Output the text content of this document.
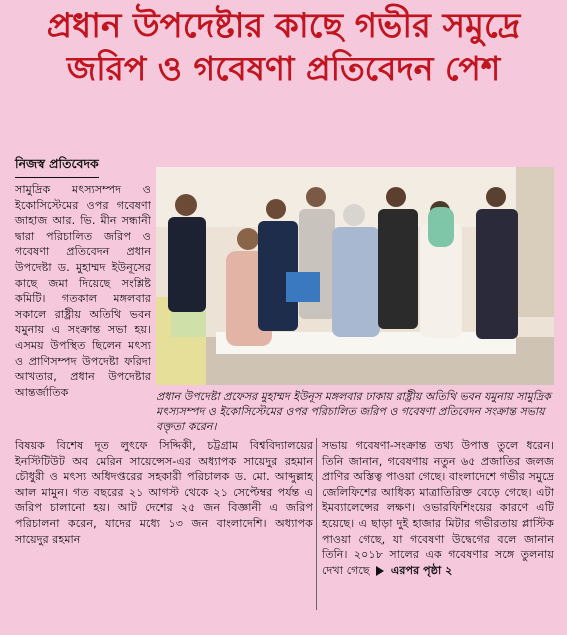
প্রধান উপদেষ্টার কাছে গভীর সমুদ্রে
জরিপ ও গবেষণা প্রতিবেদন পেশ
নিজস্ব প্রতিবেদক
সামুদ্রিক মৎস্যসম্পদ ও ইকোসিস্টেমের ওপর গবেষণা জাহাজ আর. ভি. মীন সন্ধানী দ্বারা পরিচালিত জরিপ ও গবেষণা প্রতিবেদন প্রধান উপদেষ্টা ড. মুহাম্মদ ইউনূসের কাছে জমা দিয়েছে সংশ্লিষ্ট কমিটি। গতকাল মঙ্গলবার সকালে রাষ্ট্রীয় অতিথি ভবন যমুনায় এ সংক্রান্ত সভা হয়। এসময় উপস্থিত ছিলেন মৎস্য ও প্রাণিসম্পদ উপদেষ্টা ফরিদা আখতার, প্রধান উপদেষ্টার আন্তর্জাতিক	প্রধান উপদেষ্টা প্রফেসর মুহাম্মদ ইউনূস মঙ্গলবার ঢাকায় রাষ্ট্রীয় অতিথি ভবন যমুনায় সামুদ্রিক মৎস্যসম্পদ ও ইকোসিস্টেমের ওপর পরিচালিত জরিপ ও গবেষণা প্রতিবেদন সংক্রান্ত সভায় বক্তৃতা করেন।
বিষয়ক বিশেষ দূত লুৎফে সিদ্দিকী, চট্টগ্রাম বিশ্ববিদ্যালয়ের ইনস্টিটিউট অব মেরিন সায়েন্সেস-এর অধ্যাপক সায়েদুর রহমান চৌধুরী ও মৎস্য অধিদপ্তরের সহকারী পরিচালক ড. মো. আব্দুল্লাহ আল মামুন। গত বছরের ২১ আগস্ট থেকে ২১ সেপ্টেম্বর পর্যন্ত এ জরিপ চালানো হয়। আট দেশের ২৫ জন বিজ্ঞানী এ জরিপ পরিচালনা করেন, যাদের মধ্যে ১৩ জন বাংলাদেশি। অধ্যাপক সায়েদুর রহমান
সভায় গবেষণা-সংক্রান্ত তথ্য উপাত্ত তুলে ধরেন। তিনি জানান, গবেষণায় নতুন ৬৫ প্রজাতির জলজ প্রাণির অস্তিত্ব পাওয়া গেছে। বাংলাদেশে গভীর সমুদ্রে জেলিফিশের আধিক্য মাত্রাতিরিক্ত বেড়ে গেছে। এটা ইমব্যালেন্সের লক্ষণ। ওভারফিশিংয়ের কারণে এটি হয়েছে। এ ছাড়া দুই হাজার মিটার গভীরতায় প্লাস্টিক পাওয়া গেছে, যা গবেষণা উদ্বেগের বলে জানান তিনি। ২০১৮ সালের এক গবেষণার সঙ্গে তুলনায় দেখা গেছে এরপর পৃষ্ঠা ২
